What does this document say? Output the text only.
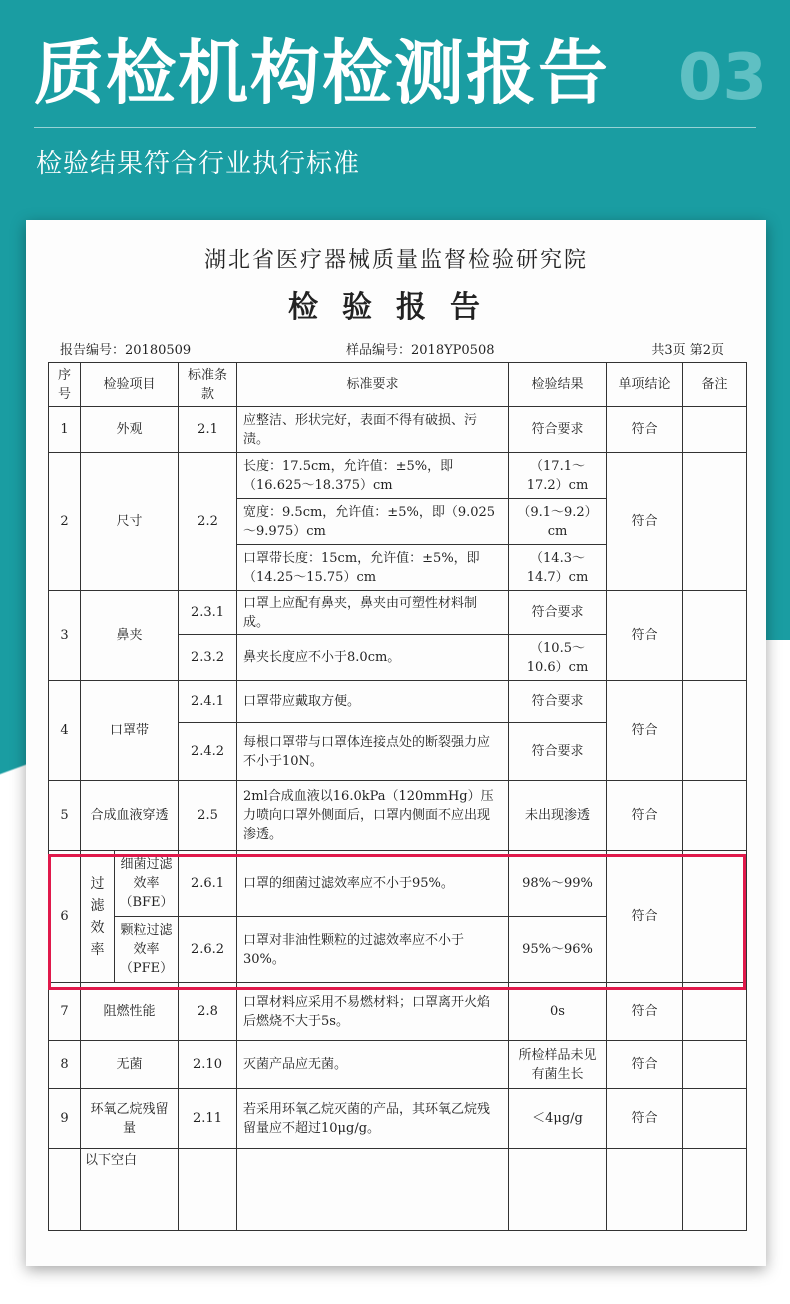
质检机构检测报告 03
检验结果符合行业执行标准
湖北省医疗器械质量监督检验研究院
检验报告
报告编号：20180509	样品编号：2018YP0508	共3页 第2页
序号	检验项目		标准条款	标准要求	检验结果	单项结论	备注
1	外观		2.1	应整洁、形状完好，表面不得有破损、污渍。	符合要求	符合	
2	尺寸		2.2	长度：17.5cm，允许值：±5%，即（16.625～18.375）cm	（17.1～17.2）cm	符合	
				宽度：9.5cm，允许值：±5%，即（9.025～9.975）cm	（9.1～9.2）cm		
				口罩带长度：15cm，允许值：±5%，即（14.25～15.75）cm	（14.3～14.7）cm		
3	鼻夹		2.3.1	口罩上应配有鼻夹，鼻夹由可塑性材料制成。	符合要求	符合	
			2.3.2	鼻夹长度应不小于8.0cm。	（10.5～10.6）cm		
4	口罩带		2.4.1	口罩带应戴取方便。	符合要求	符合	
			2.4.2	每根口罩带与口罩体连接点处的断裂强力应不小于10N。	符合要求		
5	合成血液穿透		2.5	2ml合成血液以16.0kPa（120mmHg）压力喷向口罩外侧面后，口罩内侧面不应出现渗透。	未出现渗透	符合	
6	过滤效率	细菌过滤效率（BFE）	2.6.1	口罩的细菌过滤效率应不小于95%。	98%～99%	符合	
		颗粒过滤效率（PFE）	2.6.2	口罩对非油性颗粒的过滤效率应不小于30%。	95%～96%		
7	阻燃性能		2.8	口罩材料应采用不易燃材料；口罩离开火焰后燃烧不大于5s。	0s	符合	
8	无菌		2.10	灭菌产品应无菌。	所检样品未见有菌生长	符合	
9	环氧乙烷残留量		2.11	若采用环氧乙烷灭菌的产品，其环氧乙烷残留量应不超过10μg/g。	＜4μg/g	符合	
	以下空白						
